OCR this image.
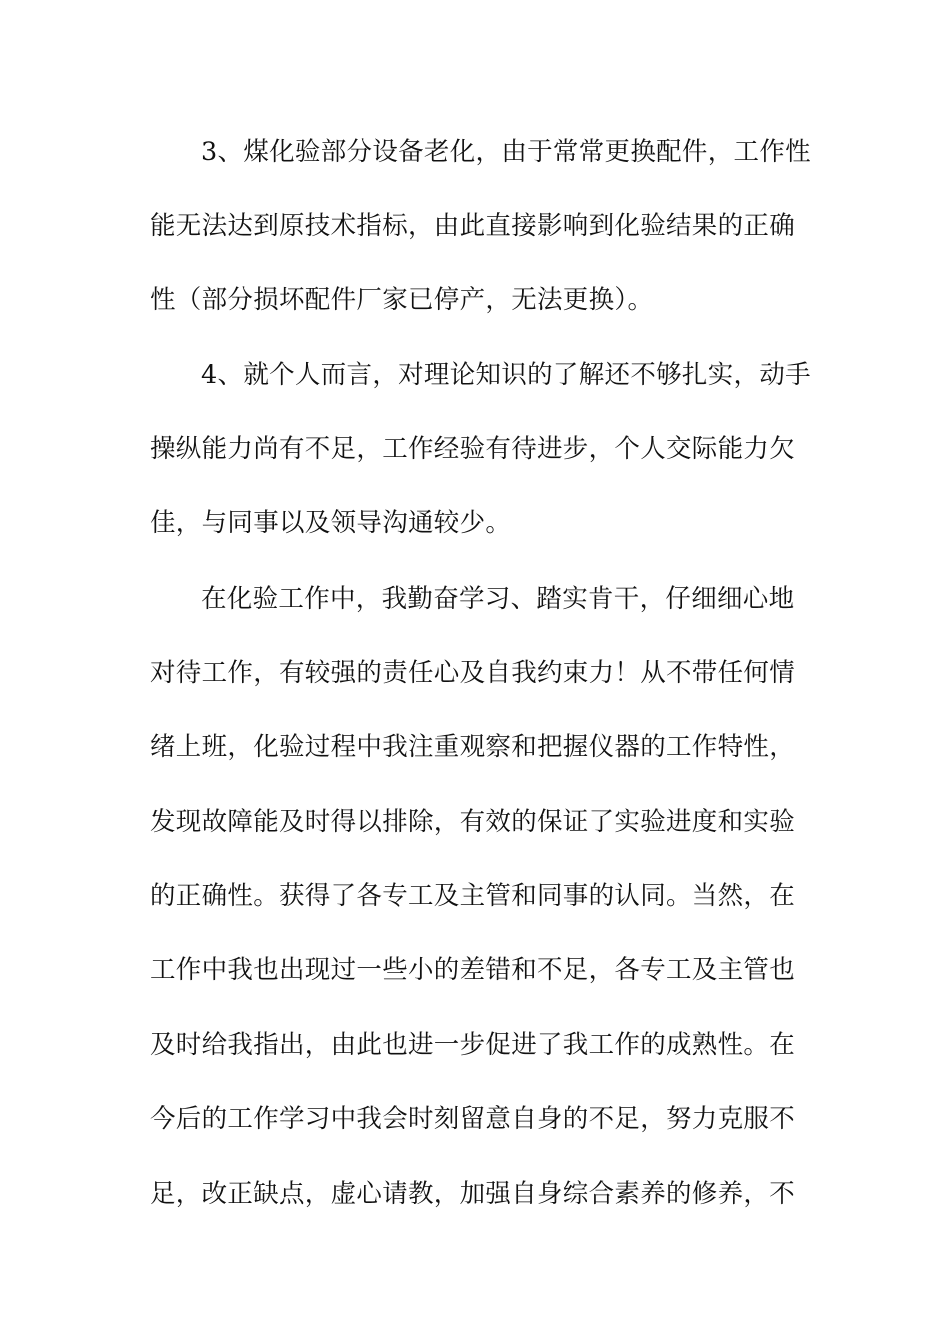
3、煤化验部分设备老化，由于常常更换配件，工作性
能无法达到原技术指标，由此直接影响到化验结果的正确
性（部分损坏配件厂家已停产，无法更换）。
4、就个人而言，对理论知识的了解还不够扎实，动手
操纵能力尚有不足，工作经验有待进步，个人交际能力欠
佳，与同事以及领导沟通较少。
在化验工作中，我勤奋学习、踏实肯干，仔细细心地
对待工作，有较强的责任心及自我约束力！从不带任何情
绪上班，化验过程中我注重观察和把握仪器的工作特性，
发现故障能及时得以排除，有效的保证了实验进度和实验
的正确性。获得了各专工及主管和同事的认同。当然，在
工作中我也出现过一些小的差错和不足，各专工及主管也
及时给我指出，由此也进一步促进了我工作的成熟性。在
今后的工作学习中我会时刻留意自身的不足，努力克服不
足，改正缺点，虚心请教，加强自身综合素养的修养，不
